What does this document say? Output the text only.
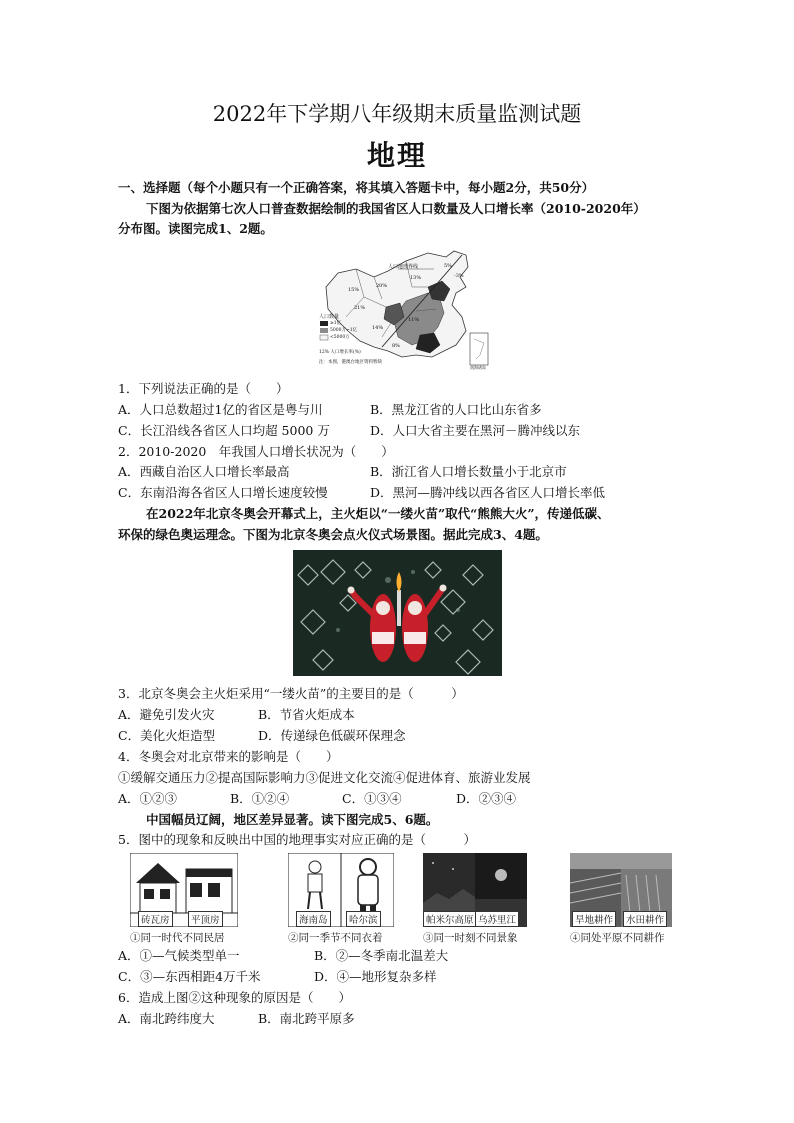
2022年下学期八年级期末质量监测试题
地理
一、选择题（每个小题只有一个正确答案，将其填入答题卡中，每小题2分，共50分）
下图为依据第七次人口普查数据绘制的我国省区人口数量及人口增长率（2010-2020年）
分布图。读图完成1、2题。
人口地理界线
人口数量
≥1亿
5000万~1亿
<5000万
12% 人口增长率(%)
注：本图，港澳台地区资料暂缺
15%
20%
21%
13%
11%
14%
5%
-3%
8%
南海诸岛
1．下列说法正确的是（　　）
A．人口总数超过1亿的省区是粤与川	B．黑龙江省的人口比山东省多
C．长江沿线各省区人口均超 5000 万	D．人口大省主要在黑河－腾冲线以东
2．2010-2020　年我国人口增长状况为（　　）
A．西藏自治区人口增长率最高	B．浙江省人口增长数量小于北京市
C．东南沿海各省区人口增长速度较慢	D．黑河—腾冲线以西各省区人口增长率低
在2022年北京冬奥会开幕式上，主火炬以“一缕火苗”取代“熊熊大火”，传递低碳、
环保的绿色奥运理念。下图为北京冬奥会点火仪式场景图。据此完成3、4题。
3．北京冬奥会主火炬采用“一缕火苗”的主要目的是（　　　）
A．避免引发火灾	B．节省火炬成本
C．美化火炬造型	D．传递绿色低碳环保理念
4．冬奥会对北京带来的影响是（　　）
①缓解交通压力②提高国际影响力③促进文化交流④促进体育、旅游业发展
A．①②③	B．①②④	C．①③④	D．②③④
中国幅员辽阔，地区差异显著。读下图完成5、6题。
5．图中的现象和反映出中国的地理事实对应正确的是（　　　）
砖瓦房	平顶房
①同一时代不同民居
海南岛	哈尔滨
②同一季节不同衣着
帕米尔高原 乌苏里江
③同一时刻不同景象
旱地耕作	水田耕作
④同处平原不同耕作
A．①—气候类型单一	B．②—冬季南北温差大
C．③—东西相距4万千米	D．④—地形复杂多样
6．造成上图②这种现象的原因是（　　）
A．南北跨纬度大	B．南北跨平原多
